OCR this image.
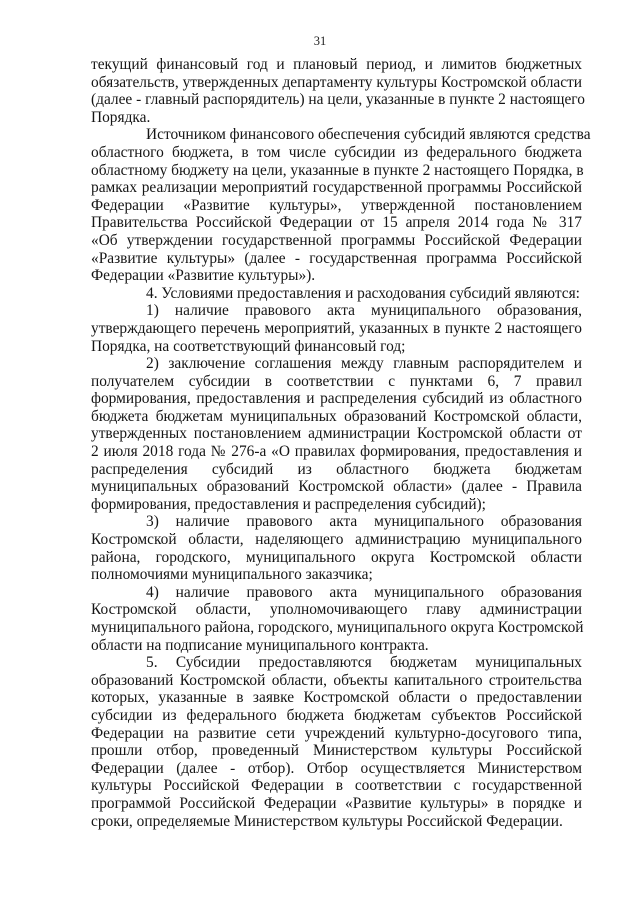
31
текущий финансовый год и плановый период, и лимитов бюджетных
обязательств, утвержденных департаменту культуры Костромской области
(далее - главный распорядитель) на цели, указанные в пункте 2 настоящего
Порядка.
Источником финансового обеспечения субсидий являются средства
областного бюджета, в том числе субсидии из федерального бюджета
областному бюджету на цели, указанные в пункте 2 настоящего Порядка, в
рамках реализации мероприятий государственной программы Российской
Федерации «Развитие культуры», утвержденной постановлением
Правительства Российской Федерации от 15 апреля 2014 года № 317
«Об утверждении государственной программы Российской Федерации
«Развитие культуры» (далее - государственная программа Российской
Федерации «Развитие культуры»).
4. Условиями предоставления и расходования субсидий являются:
1) наличие правового акта муниципального образования,
утверждающего перечень мероприятий, указанных в пункте 2 настоящего
Порядка, на соответствующий финансовый год;
2) заключение соглашения между главным распорядителем и
получателем субсидии в соответствии с пунктами 6, 7 правил
формирования, предоставления и распределения субсидий из областного
бюджета бюджетам муниципальных образований Костромской области,
утвержденных постановлением администрации Костромской области от
2 июля 2018 года № 276-а «О правилах формирования, предоставления и
распределения субсидий из областного бюджета бюджетам
муниципальных образований Костромской области» (далее - Правила
формирования, предоставления и распределения субсидий);
3) наличие правового акта муниципального образования
Костромской области, наделяющего администрацию муниципального
района, городского, муниципального округа Костромской области
полномочиями муниципального заказчика;
4) наличие правового акта муниципального образования
Костромской области, уполномочивающего главу администрации
муниципального района, городского, муниципального округа Костромской
области на подписание муниципального контракта.
5. Субсидии предоставляются бюджетам муниципальных
образований Костромской области, объекты капитального строительства
которых, указанные в заявке Костромской области о предоставлении
субсидии из федерального бюджета бюджетам субъектов Российской
Федерации на развитие сети учреждений культурно-досугового типа,
прошли отбор, проведенный Министерством культуры Российской
Федерации (далее - отбор). Отбор осуществляется Министерством
культуры Российской Федерации в соответствии с государственной
программой Российской Федерации «Развитие культуры» в порядке и
сроки, определяемые Министерством культуры Российской Федерации.
